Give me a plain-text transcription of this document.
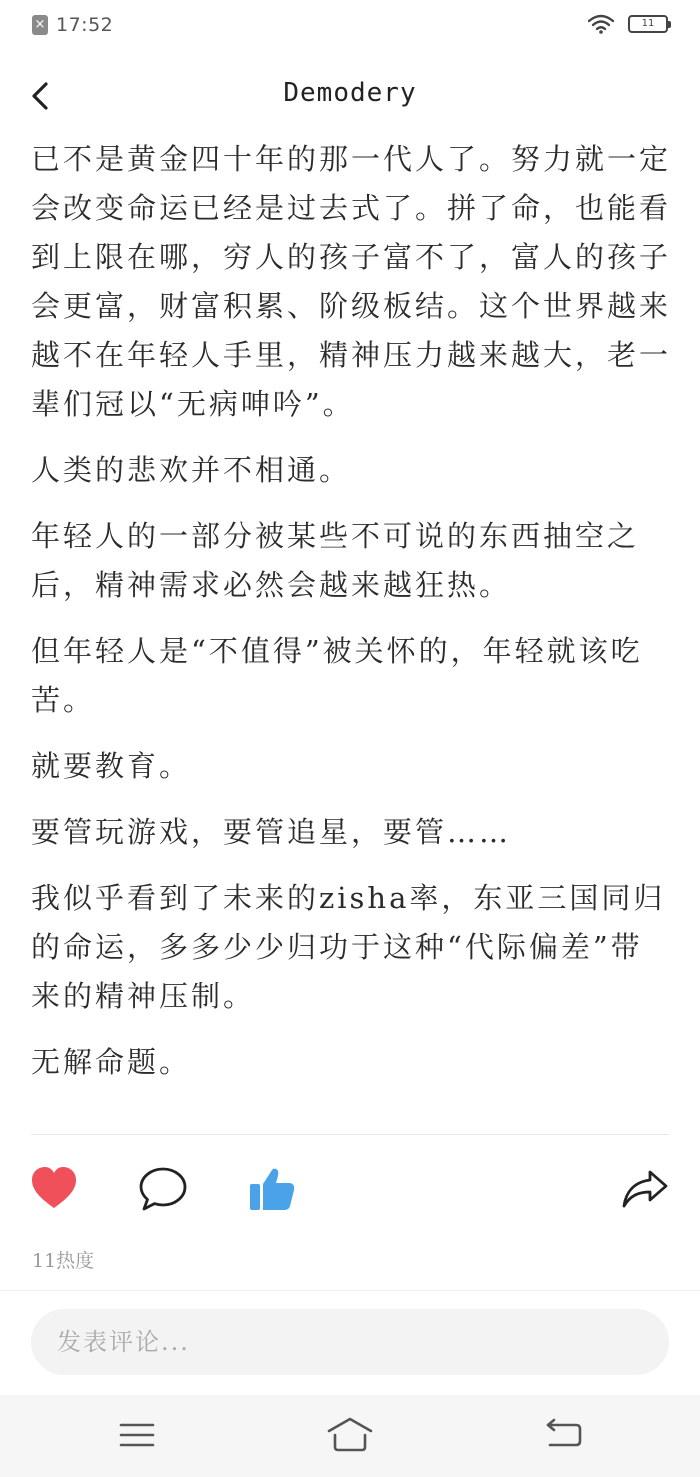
× 17:52	11
Demodery

已不是黄金四十年的那一代人了。努力就一定会改变命运已经是过去式了。拼了命，也能看到上限在哪，穷人的孩子富不了，富人的孩子会更富，财富积累、阶级板结。这个世界越来越不在年轻人手里，精神压力越来越大，老一辈们冠以“无病呻吟”。

人类的悲欢并不相通。

年轻人的一部分被某些不可说的东西抽空之后，精神需求必然会越来越狂热。

但年轻人是“不值得”被关怀的，年轻就该吃苦。

就要教育。

要管玩游戏，要管追星，要管……

我似乎看到了未来的zisha率，东亚三国同归的命运，多多少少归功于这种“代际偏差”带来的精神压制。

无解命题。

11热度
发表评论...
